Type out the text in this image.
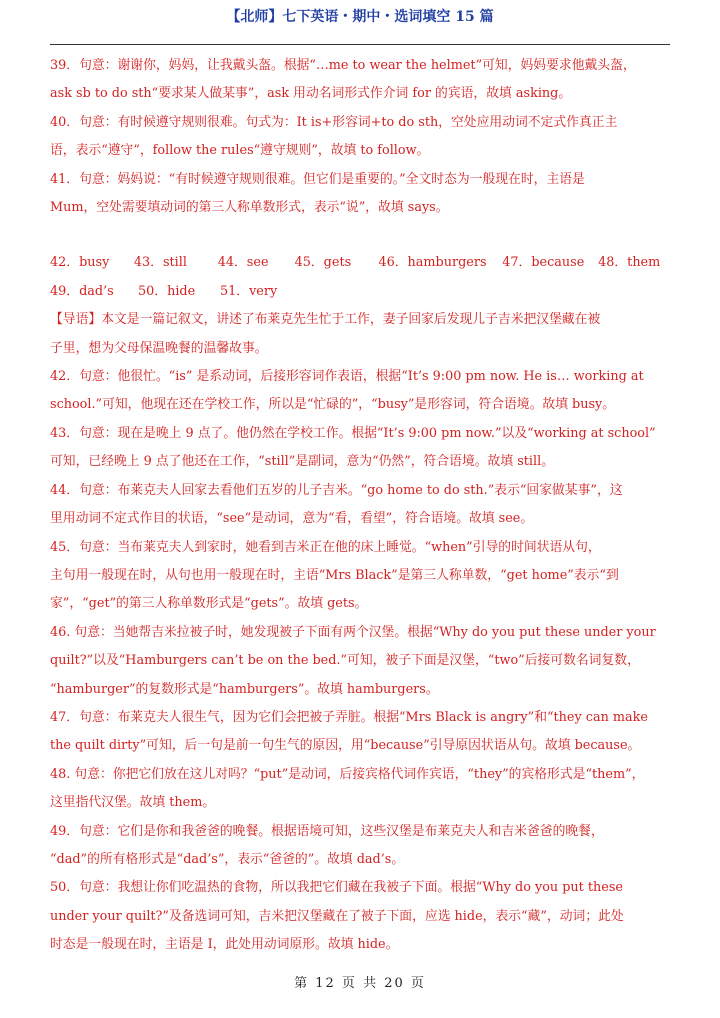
【北师】七下英语・期中・选词填空 15 篇

39．句意：谢谢你，妈妈，让我戴头盔。根据“…me to wear the helmet”可知，妈妈要求他戴头盔，

ask sb to do sth“要求某人做某事”，ask 用动名词形式作介词 for 的宾语，故填 asking。

40．句意：有时候遵守规则很难。句式为：It is+形容词+to do sth，空处应用动词不定式作真正主

语，表示“遵守”，follow the rules“遵守规则”，故填 to follow。

41．句意：妈妈说：“有时候遵守规则很难。但它们是重要的。”全文时态为一般现在时，主语是

Mum，空处需要填动词的第三人称单数形式，表示“说”，故填 says。

42．busy	43．still	44．see	45．gets	46．hamburgers	47．because	48．them
49．dad’s	50．hide	51．very

【导语】本文是一篇记叙文，讲述了布莱克先生忙于工作，妻子回家后发现儿子吉米把汉堡藏在被

子里，想为父母保温晚餐的温馨故事。

42．句意：他很忙。“is” 是系动词，后接形容词作表语，根据“It’s 9:00 pm now. He is… working at

school.”可知，他现在还在学校工作，所以是“忙碌的”，“busy”是形容词，符合语境。故填 busy。

43．句意：现在是晚上 9 点了。他仍然在学校工作。根据“It’s 9:00 pm now.”以及“working at school”

可知，已经晚上 9 点了他还在工作，“still”是副词，意为“仍然”，符合语境。故填 still。

44．句意：布莱克夫人回家去看他们五岁的儿子吉米。“go home to do sth.”表示“回家做某事”，这

里用动词不定式作目的状语，“see”是动词，意为“看，看望”，符合语境。故填 see。

45．句意：当布莱克夫人到家时，她看到吉米正在他的床上睡觉。“when”引导的时间状语从句，

主句用一般现在时，从句也用一般现在时，主语“Mrs Black”是第三人称单数，“get home”表示“到

家”，“get”的第三人称单数形式是“gets”。故填 gets。

46. 句意：当她帮吉米拉被子时，她发现被子下面有两个汉堡。根据“Why do you put these under your

quilt?”以及“Hamburgers can’t be on the bed.”可知，被子下面是汉堡，“two”后接可数名词复数，

“hamburger”的复数形式是“hamburgers”。故填 hamburgers。

47．句意：布莱克夫人很生气，因为它们会把被子弄脏。根据“Mrs Black is angry”和“they can make

the quilt dirty”可知，后一句是前一句生气的原因，用“because”引导原因状语从句。故填 because。

48. 句意：你把它们放在这儿对吗？“put”是动词，后接宾格代词作宾语，“they”的宾格形式是“them”，

这里指代汉堡。故填 them。

49．句意：它们是你和我爸爸的晚餐。根据语境可知，这些汉堡是布莱克夫人和吉米爸爸的晚餐，

“dad”的所有格形式是“dad’s”，表示“爸爸的”。故填 dad’s。

50．句意：我想让你们吃温热的食物，所以我把它们藏在我被子下面。根据“Why do you put these

under your quilt?”及备选词可知，吉米把汉堡藏在了被子下面，应选 hide，表示“藏”，动词；此处

时态是一般现在时，主语是 I，此处用动词原形。故填 hide。

第 12 页 共 20 页
